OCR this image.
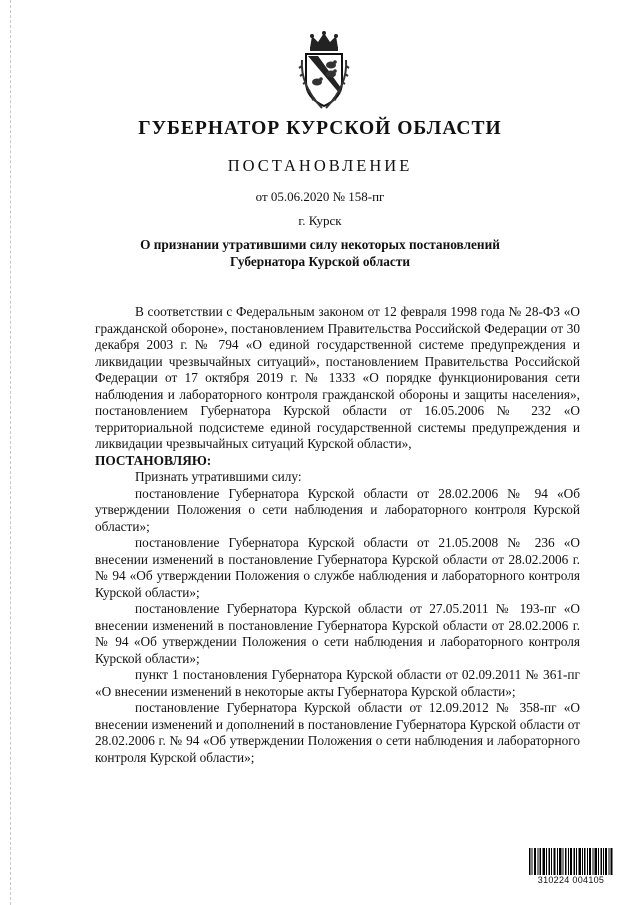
ГУБЕРНАТОР КУРСКОЙ ОБЛАСТИ
ПОСТАНОВЛЕНИЕ
от 05.06.2020 № 158-пг
г. Курск
О признании утратившими силу некоторых постановлений
Губернатора Курской области

В соответствии с Федеральным законом от 12 февраля 1998 года № 28-ФЗ «О гражданской обороне», постановлением Правительства Российской Федерации от 30 декабря 2003 г. № 794 «О единой государственной системе предупреждения и ликвидации чрезвычайных ситуаций», постановлением Правительства Российской Федерации от 17 октября 2019 г. № 1333 «О порядке функционирования сети наблюдения и лабораторного контроля гражданской обороны и защиты населения», постановлением Губернатора Курской области от 16.05.2006 № 232 «О территориальной подсистеме единой государственной системы предупреждения и ликвидации чрезвычайных ситуаций Курской области»,

ПОСТАНОВЛЯЮ:

Признать утратившими силу:

постановление Губернатора Курской области от 28.02.2006 № 94 «Об утверждении Положения о сети наблюдения и лабораторного контроля Курской области»;

постановление Губернатора Курской области от 21.05.2008 № 236 «О внесении изменений в постановление Губернатора Курской области от 28.02.2006 г. № 94 «Об утверждении Положения о службе наблюдения и лабораторного контроля Курской области»;

постановление Губернатора Курской области от 27.05.2011 № 193-пг «О внесении изменений в постановление Губернатора Курской области от 28.02.2006 г. № 94 «Об утверждении Положения о сети наблюдения и лабораторного контроля Курской области»;

пункт 1 постановления Губернатора Курской области от 02.09.2011 № 361-пг «О внесении изменений в некоторые акты Губернатора Курской области»;

постановление Губернатора Курской области от 12.09.2012 № 358-пг «О внесении изменений и дополнений в постановление Губернатора Курской области от 28.02.2006 г. № 94 «Об утверждении Положения о сети наблюдения и лабораторного контроля Курской области»;

310224 004105
